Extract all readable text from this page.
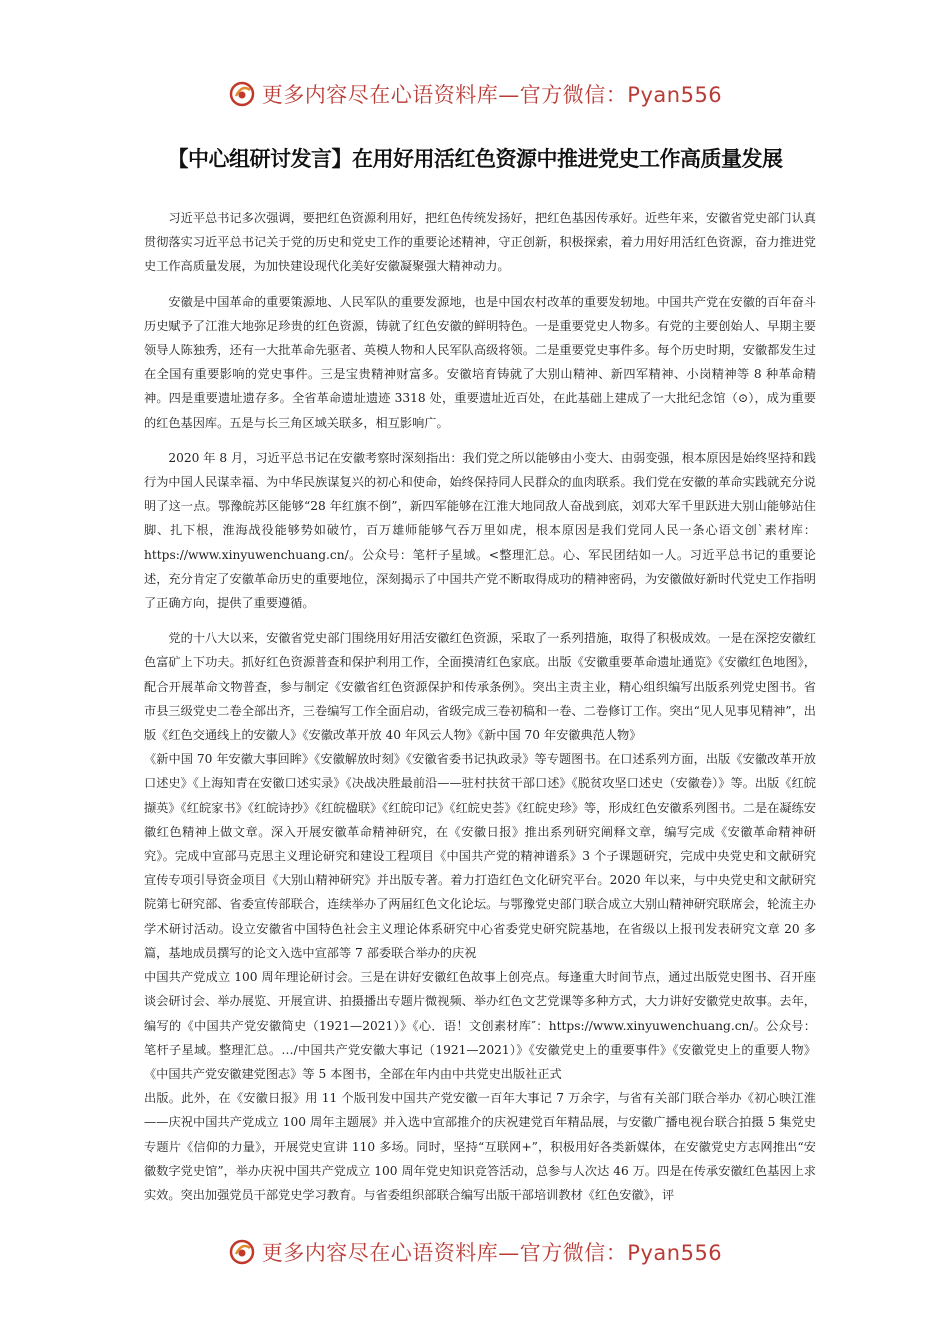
更多内容尽在心语资料库—官方微信：Pyan556
【中心组研讨发言】在用好用活红色资源中推进党史工作高质量发展

习近平总书记多次强调，要把红色资源利用好，把红色传统发扬好，把红色基因传承好。近些年来，安徽省党史部门认真贯彻落实习近平总书记关于党的历史和党史工作的重要论述精神，守正创新，积极探索，着力用好用活红色资源，奋力推进党史工作高质量发展，为加快建设现代化美好安徽凝聚强大精神动力。

安徽是中国革命的重要策源地、人民军队的重要发源地，也是中国农村改革的重要发轫地。中国共产党在安徽的百年奋斗历史赋予了江淮大地弥足珍贵的红色资源，铸就了红色安徽的鲜明特色。一是重要党史人物多。有党的主要创始人、早期主要领导人陈独秀，还有一大批革命先驱者、英模人物和人民军队高级将领。二是重要党史事件多。每个历史时期，安徽都发生过在全国有重要影响的党史事件。三是宝贵精神财富多。安徽培育铸就了大别山精神、新四军精神、小岗精神等 8 种革命精神。四是重要遗址遗存多。全省革命遗址遗迹 3318 处，重要遗址近百处，在此基础上建成了一大批纪念馆（⊙），成为重要的红色基因库。五是与长三角区域关联多，相互影响广。

2020 年 8 月，习近平总书记在安徽考察时深刻指出：我们党之所以能够由小变大、由弱变强，根本原因是始终坚持和践行为中国人民谋幸福、为中华民族谋复兴的初心和使命，始终保持同人民群众的血肉联系。我们党在安徽的革命实践就充分说明了这一点。鄂豫皖苏区能够“28 年红旗不倒”，新四军能够在江淮大地同敌人奋战到底，刘邓大军千里跃进大别山能够站住脚、扎下根，淮海战役能够势如破竹，百万雄师能够气吞万里如虎，根本原因是我们党同人民一条心语文创`素材库：https://www.xinyuwenchuang.cn/。公众号：笔杆子星域。<整理汇总。心、军民团结如一人。习近平总书记的重要论述，充分肯定了安徽革命历史的重要地位，深刻揭示了中国共产党不断取得成功的精神密码，为安徽做好新时代党史工作指明了正确方向，提供了重要遵循。

党的十八大以来，安徽省党史部门围绕用好用活安徽红色资源，采取了一系列措施，取得了积极成效。一是在深挖安徽红色富矿上下功夫。抓好红色资源普查和保护利用工作，全面摸清红色家底。出版《安徽重要革命遗址通览》《安徽红色地图》，配合开展革命文物普查，参与制定《安徽省红色资源保护和传承条例》。突出主责主业，精心组织编写出版系列党史图书。省市县三级党史二卷全部出齐，三卷编写工作全面启动，省级完成三卷初稿和一卷、二卷修订工作。突出“见人见事见精神”，出版《红色交通线上的安徽人》《安徽改革开放 40 年风云人物》《新中国 70 年安徽典范人物》

《新中国 70 年安徽大事回眸》《安徽解放时刻》《安徽省委书记执政录》等专题图书。在口述系列方面，出版《安徽改革开放口述史》《上海知青在安徽口述实录》《决战决胜最前沿——驻村扶贫干部口述》《脱贫攻坚口述史（安徽卷）》等。出版《红皖撷英》《红皖家书》《红皖诗抄》《红皖楹联》《红皖印记》《红皖史荟》《红皖史珍》等，形成红色安徽系列图书。二是在凝练安徽红色精神上做文章。深入开展安徽革命精神研究，在《安徽日报》推出系列研究阐释文章，编写完成《安徽革命精神研究》。完成中宣部马克思主义理论研究和建设工程项目《中国共产党的精神谱系》3 个子课题研究，完成中央党史和文献研究宣传专项引导资金项目《大别山精神研究》并出版专著。着力打造红色文化研究平台。2020 年以来，与中央党史和文献研究院第七研究部、省委宣传部联合，连续举办了两届红色文化论坛。与鄂豫党史部门联合成立大别山精神研究联席会，轮流主办学术研讨活动。设立安徽省中国特色社会主义理论体系研究中心省委党史研究院基地，在省级以上报刊发表研究文章 20 多篇，基地成员撰写的论文入选中宣部等 7 部委联合举办的庆祝

中国共产党成立 100 周年理论研讨会。三是在讲好安徽红色故事上创亮点。每逢重大时间节点，通过出版党史图书、召开座谈会研讨会、举办展览、开展宣讲、拍摄播出专题片微视频、举办红色文艺党课等多种方式，大力讲好安徽党史故事。去年，编写的《中国共产党安徽简史（1921—2021）》《心．语！文创素材库″：https://www.xinyuwenchuang.cn/。公众号：笔杆子星域。整理汇总。…/中国共产党安徽大事记（1921—2021）》《安徽党史上的重要事件》《安徽党史上的重要人物》《中国共产党安徽建党图志》等 5 本图书，全部在年内由中共党史出版社正式

出版。此外，在《安徽日报》用 11 个版刊发中国共产党安徽一百年大事记 7 万余字，与省有关部门联合举办《初心映江淮——庆祝中国共产党成立 100 周年主题展》并入选中宣部推介的庆祝建党百年精品展，与安徽广播电视台联合拍摄 5 集党史专题片《信仰的力量》，开展党史宣讲 110 多场。同时，坚持“互联网+”，积极用好各类新媒体，在安徽党史方志网推出“安徽数字党史馆”，举办庆祝中国共产党成立 100 周年党史知识竞答活动，总参与人次达 46 万。四是在传承安徽红色基因上求实效。突出加强党员干部党史学习教育。与省委组织部联合编写出版干部培训教材《红色安徽》，评

更多内容尽在心语资料库—官方微信：Pyan556
